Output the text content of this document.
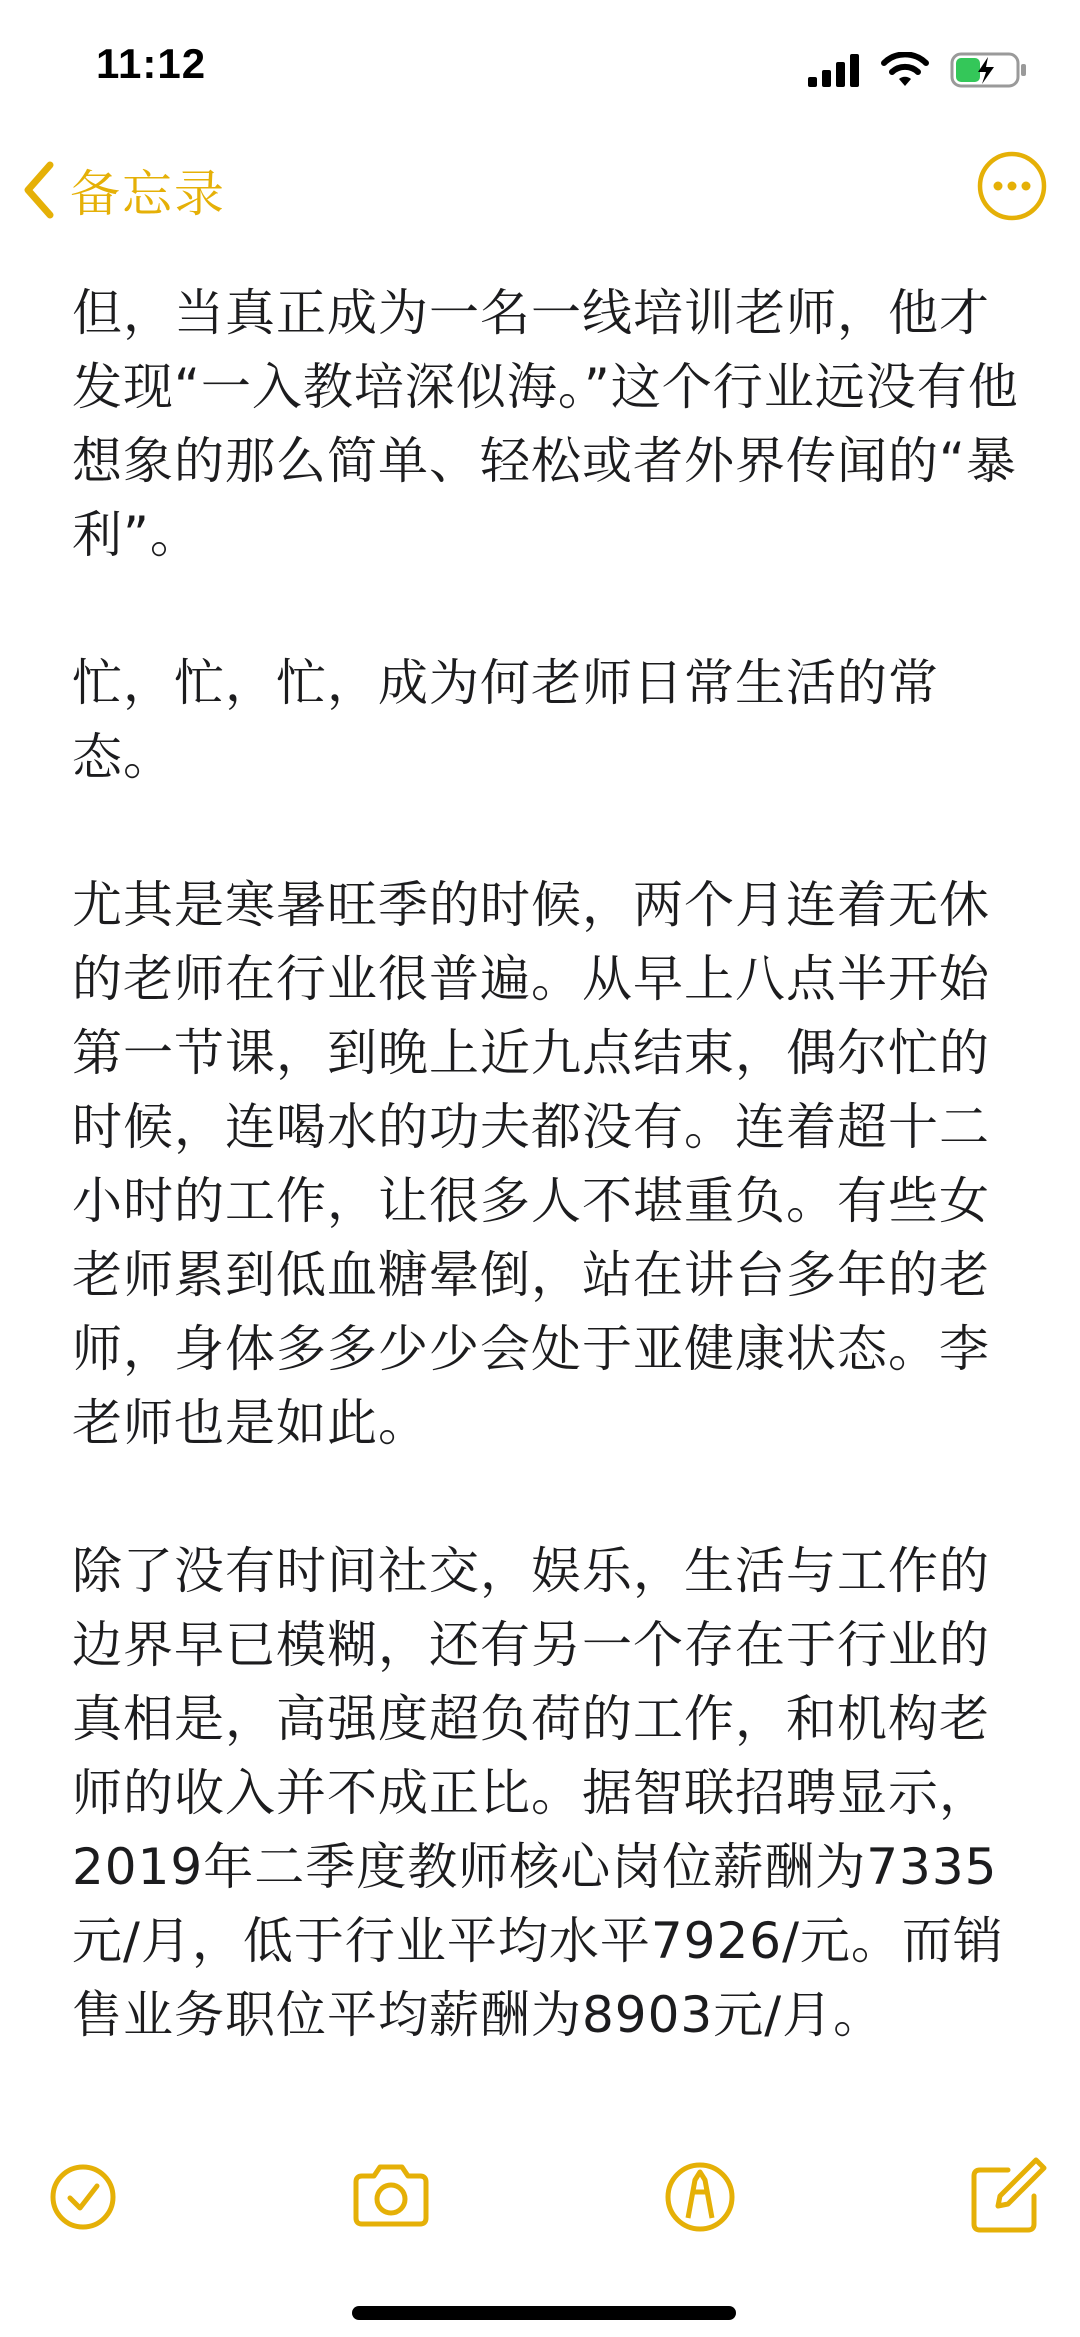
11:12
备忘录

但，当真正成为一名一线培训老师，他才发现“一入教培深似海。”这个行业远没有他想象的那么简单、轻松或者外界传闻的“暴利”。

忙，忙，忙，成为何老师日常生活的常态。

尤其是寒暑旺季的时候，两个月连着无休的老师在行业很普遍。从早上八点半开始第一节课，到晚上近九点结束，偶尔忙的时候，连喝水的功夫都没有。连着超十二小时的工作，让很多人不堪重负。有些女老师累到低血糖晕倒，站在讲台多年的老师，身体多多少少会处于亚健康状态。李老师也是如此。

除了没有时间社交，娱乐，生活与工作的边界早已模糊，还有另一个存在于行业的真相是，高强度超负荷的工作，和机构老师的收入并不成正比。据智联招聘显示，2019年二季度教师核心岗位薪酬为7335元/月，低于行业平均水平7926/元。而销售业务职位平均薪酬为8903元/月。
